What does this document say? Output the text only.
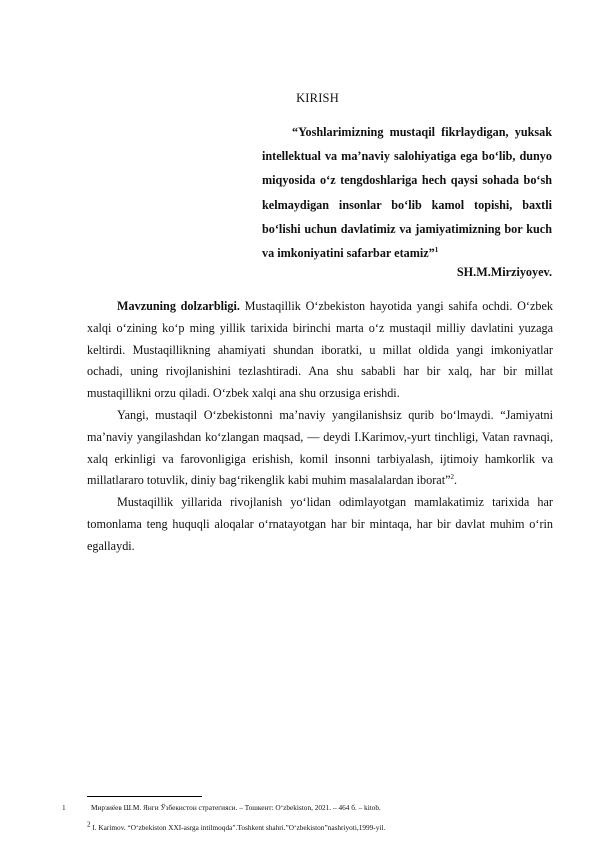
KIRISH
“Yoshlarimizning mustaqil fikrlaydigan, yuksak intellektual va ma’naviy salohiyatiga ega bo‘lib, dunyo miqyosida o‘z tengdoshlariga hech qaysi sohada bo‘sh kelmaydigan insonlar bo‘lib kamol topishi, baxtli bo‘lishi uchun davlatimiz va jamiyatimizning bor kuch va imkoniyatini safarbar etamiz”$^1$
SH.M.Mirziyoyev.

Mavzuning dolzarbligi. Mustaqillik O‘zbekiston hayotida yangi sahifa ochdi. O‘zbek xalqi o‘zining ko‘p ming yillik tarixida birinchi marta o‘z mustaqil milliy davlatini yuzaga keltirdi. Mustaqillikning ahamiyati shundan iboratki, u millat oldida yangi imkoniyatlar ochadi, uning rivojlanishini tezlashtiradi. Ana shu sababli har bir xalq, har bir millat mustaqillikni orzu qiladi. O‘zbek xalqi ana shu orzusiga erishdi.

Yangi, mustaqil O‘zbekistonni ma’naviy yangilanishsiz qurib bo‘lmaydi. “Jamiyatni ma’naviy yangilashdan ko‘zlangan maqsad, — deydi I.Karimov,-yurt tinchligi, Vatan ravnaqi, xalq erkinligi va farovonligiga erishish, komil insonni tarbiyalash, ijtimoiy hamkorlik va millatlararo totuvlik, diniy bag‘rikenglik kabi muhim masalalardan iborat”$^2$.

Mustaqillik yillarida rivojlanish yo‘lidan odimlayotgan mamlakatimiz tarixida har tomonlama teng huquqli aloqalar o‘rnatayotgan har bir mintaqa, har bir davlat muhim o‘rin egallaydi.

1	Мирзиёев Ш.М. Янги Ўзбекистон стратегияси. – Тошкент: O‘zbekiston, 2021. – 464 б. – kitob.
2 I. Karimov. “O‘zbekiston XXI-asrga intilmoqda”.Toshkent shahri.”O‘zbekiston”nashriyoti,1999-yil.
